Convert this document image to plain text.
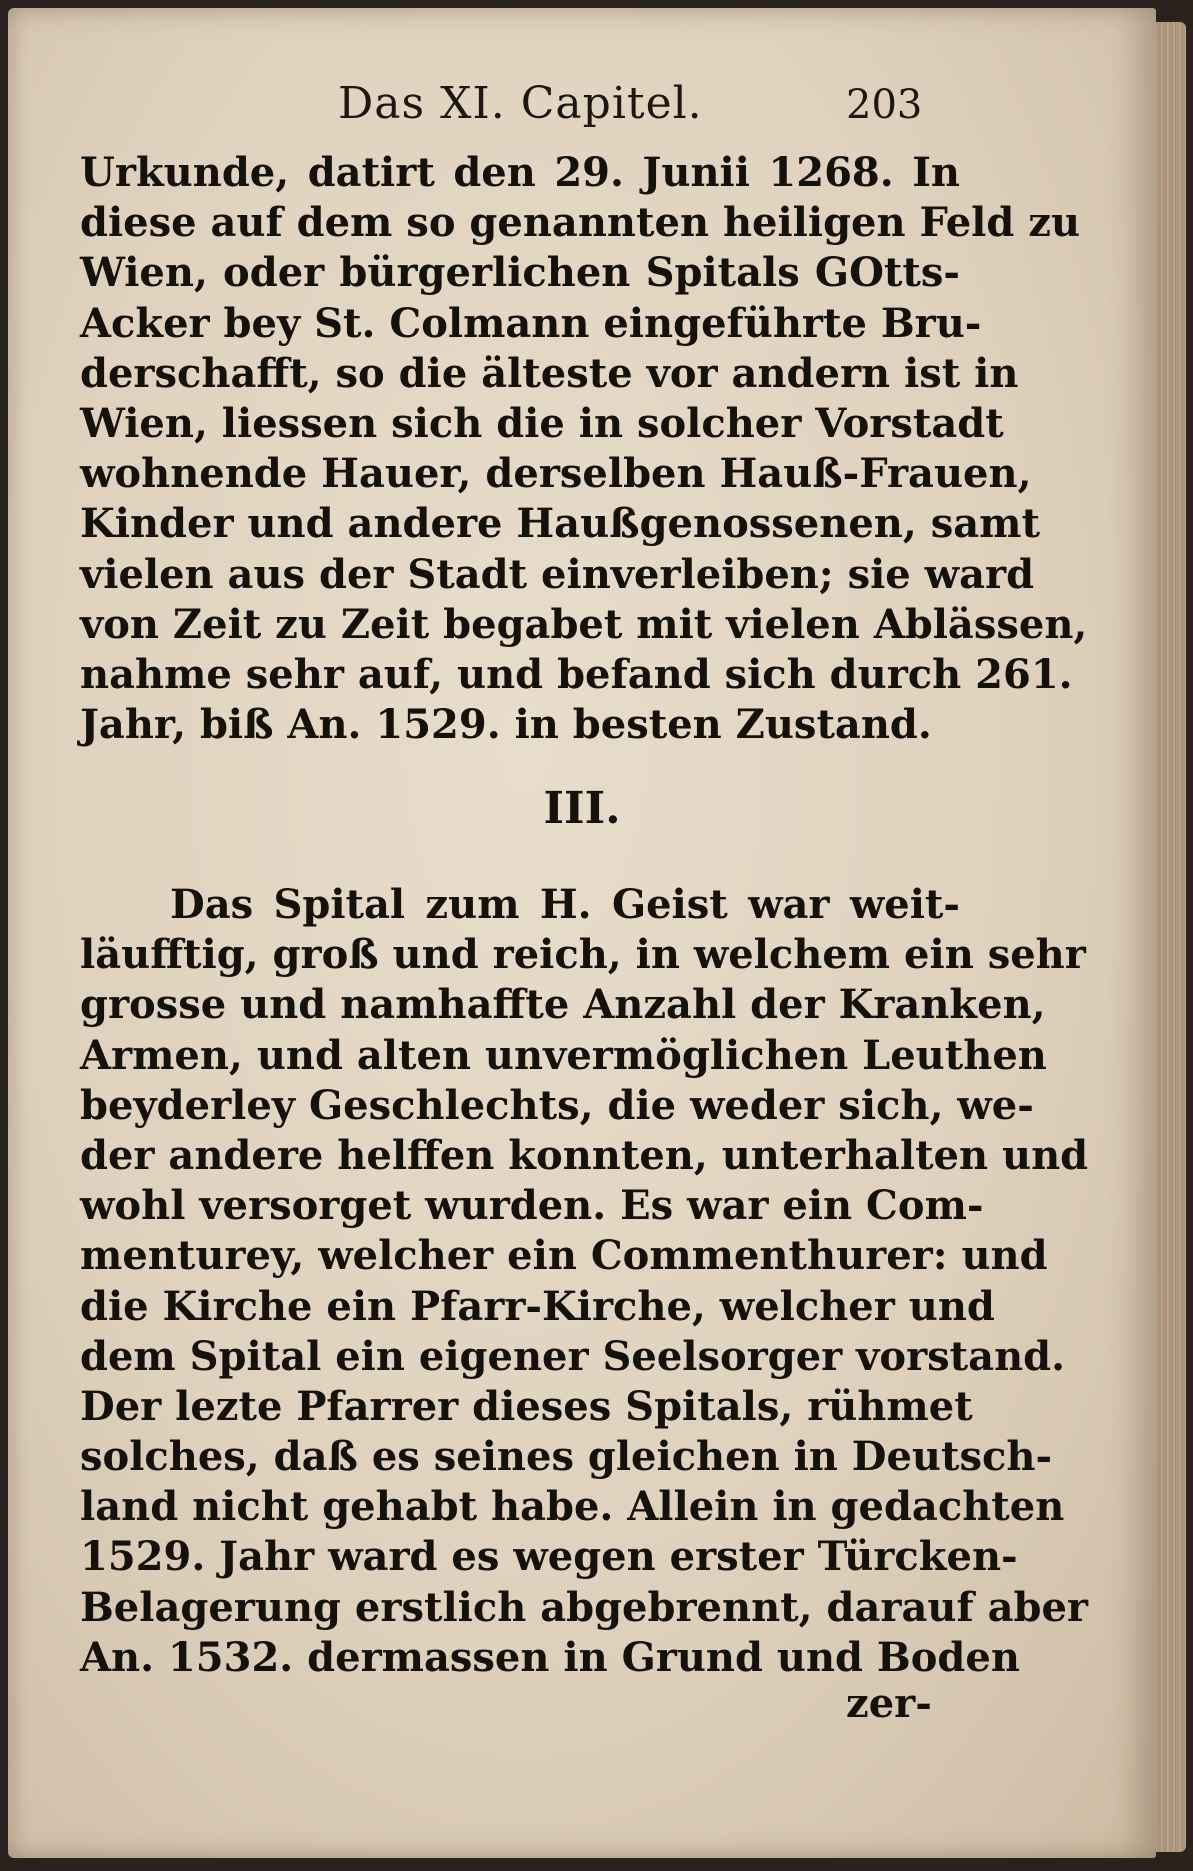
Das XI. Capitel.	203
Urkunde, datirt den 29. Junii 1268. In
diese auf dem so genannten heiligen Feld zu
Wien, oder bürgerlichen Spitals GOtts-
Acker bey St. Colmann eingeführte Bru-
derschafft, so die älteste vor andern ist in
Wien, liessen sich die in solcher Vorstadt
wohnende Hauer, derselben Hauß-Frauen,
Kinder und andere Haußgenossenen, samt
vielen aus der Stadt einverleiben; sie ward
von Zeit zu Zeit begabet mit vielen Ablässen,
nahme sehr auf, und befand sich durch 261.
Jahr, biß An. 1529. in besten Zustand.
III.
Das Spital zum H. Geist war weit-
läufftig, groß und reich, in welchem ein sehr
grosse und namhaffte Anzahl der Kranken,
Armen, und alten unvermöglichen Leuthen
beyderley Geschlechts, die weder sich, we-
der andere helffen konnten, unterhalten und
wohl versorget wurden. Es war ein Com-
menturey, welcher ein Commenthurer: und
die Kirche ein Pfarr-Kirche, welcher und
dem Spital ein eigener Seelsorger vorstand.
Der lezte Pfarrer dieses Spitals, rühmet
solches, daß es seines gleichen in Deutsch-
land nicht gehabt habe. Allein in gedachten
1529. Jahr ward es wegen erster Türcken-
Belagerung erstlich abgebrennt, darauf aber
An. 1532. dermassen in Grund und Boden
zer-
